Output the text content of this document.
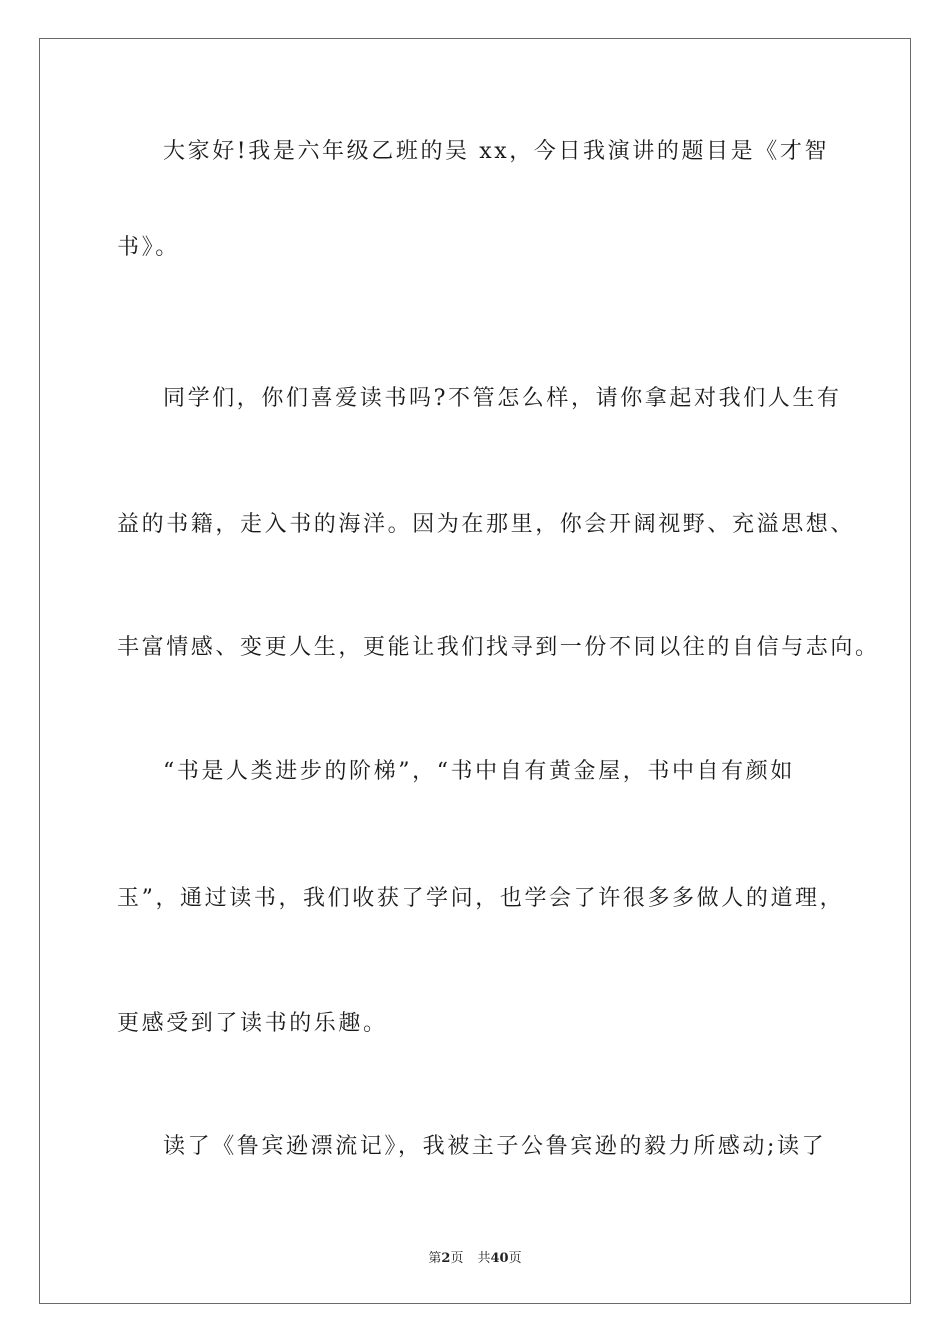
大家好!我是六年级乙班的吴 xx，今日我演讲的题目是《才智
书》。
同学们，你们喜爱读书吗?不管怎么样，请你拿起对我们人生有
益的书籍，走入书的海洋。因为在那里，你会开阔视野、充溢思想、
丰富情感、变更人生，更能让我们找寻到一份不同以往的自信与志向。
“书是人类进步的阶梯”，“书中自有黄金屋，书中自有颜如
玉”，通过读书，我们收获了学问，也学会了许很多多做人的道理，
更感受到了读书的乐趣。
读了《鲁宾逊漂流记》，我被主子公鲁宾逊的毅力所感动;读了
第2页 共40页
